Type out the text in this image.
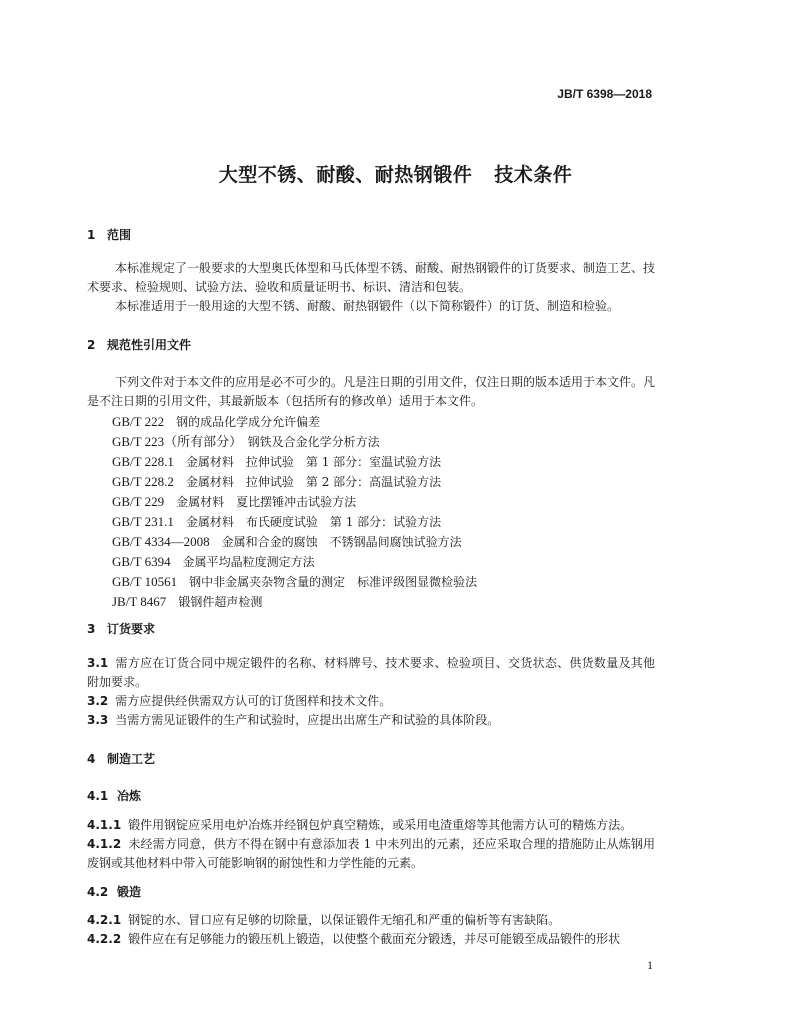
JB/T 6398—2018
大型不锈、耐酸、耐热钢锻件 技术条件
1 范围
本标准规定了一般要求的大型奥氏体型和马氏体型不锈、耐酸、耐热钢锻件的订货要求、制造工艺、技术要求、检验规则、试验方法、验收和质量证明书、标识、清洁和包装。
本标准适用于一般用途的大型不锈、耐酸、耐热钢锻件（以下简称锻件）的订货、制造和检验。
2 规范性引用文件
下列文件对于本文件的应用是必不可少的。凡是注日期的引用文件，仅注日期的版本适用于本文件。凡是不注日期的引用文件，其最新版本（包括所有的修改单）适用于本文件。
GB/T 222　 钢的成品化学成分允许偏差
GB/T 223（所有部分）　 钢铁及合金化学分析方法
GB/T 228.1　 金属材料　拉伸试验　第 1 部分：室温试验方法
GB/T 228.2　 金属材料　拉伸试验　第 2 部分：高温试验方法
GB/T 229　 金属材料　夏比摆锤冲击试验方法
GB/T 231.1　 金属材料　布氏硬度试验　第 1 部分：试验方法
GB/T 4334—2008　 金属和合金的腐蚀　不锈钢晶间腐蚀试验方法
GB/T 6394　 金属平均晶粒度测定方法
GB/T 10561　 钢中非金属夹杂物含量的测定　标准评级图显微检验法
JB/T 8467　 锻钢件超声检测
3 订货要求
3.1 需方应在订货合同中规定锻件的名称、材料牌号、技术要求、检验项目、交货状态、供货数量及其他附加要求。
3.2 需方应提供经供需双方认可的订货图样和技术文件。
3.3 当需方需见证锻件的生产和试验时，应提出出席生产和试验的具体阶段。
4 制造工艺
4.1 冶炼
4.1.1 锻件用钢锭应采用电炉冶炼并经钢包炉真空精炼，或采用电渣重熔等其他需方认可的精炼方法。
4.1.2 未经需方同意，供方不得在钢中有意添加表 1 中未列出的元素，还应采取合理的措施防止从炼钢用废钢或其他材料中带入可能影响钢的耐蚀性和力学性能的元素。
4.2 锻造
4.2.1 钢锭的水、冒口应有足够的切除量，以保证锻件无缩孔和严重的偏析等有害缺陷。
4.2.2 锻件应在有足够能力的锻压机上锻造，以使整个截面充分锻透，并尽可能锻至成品锻件的形状
1
